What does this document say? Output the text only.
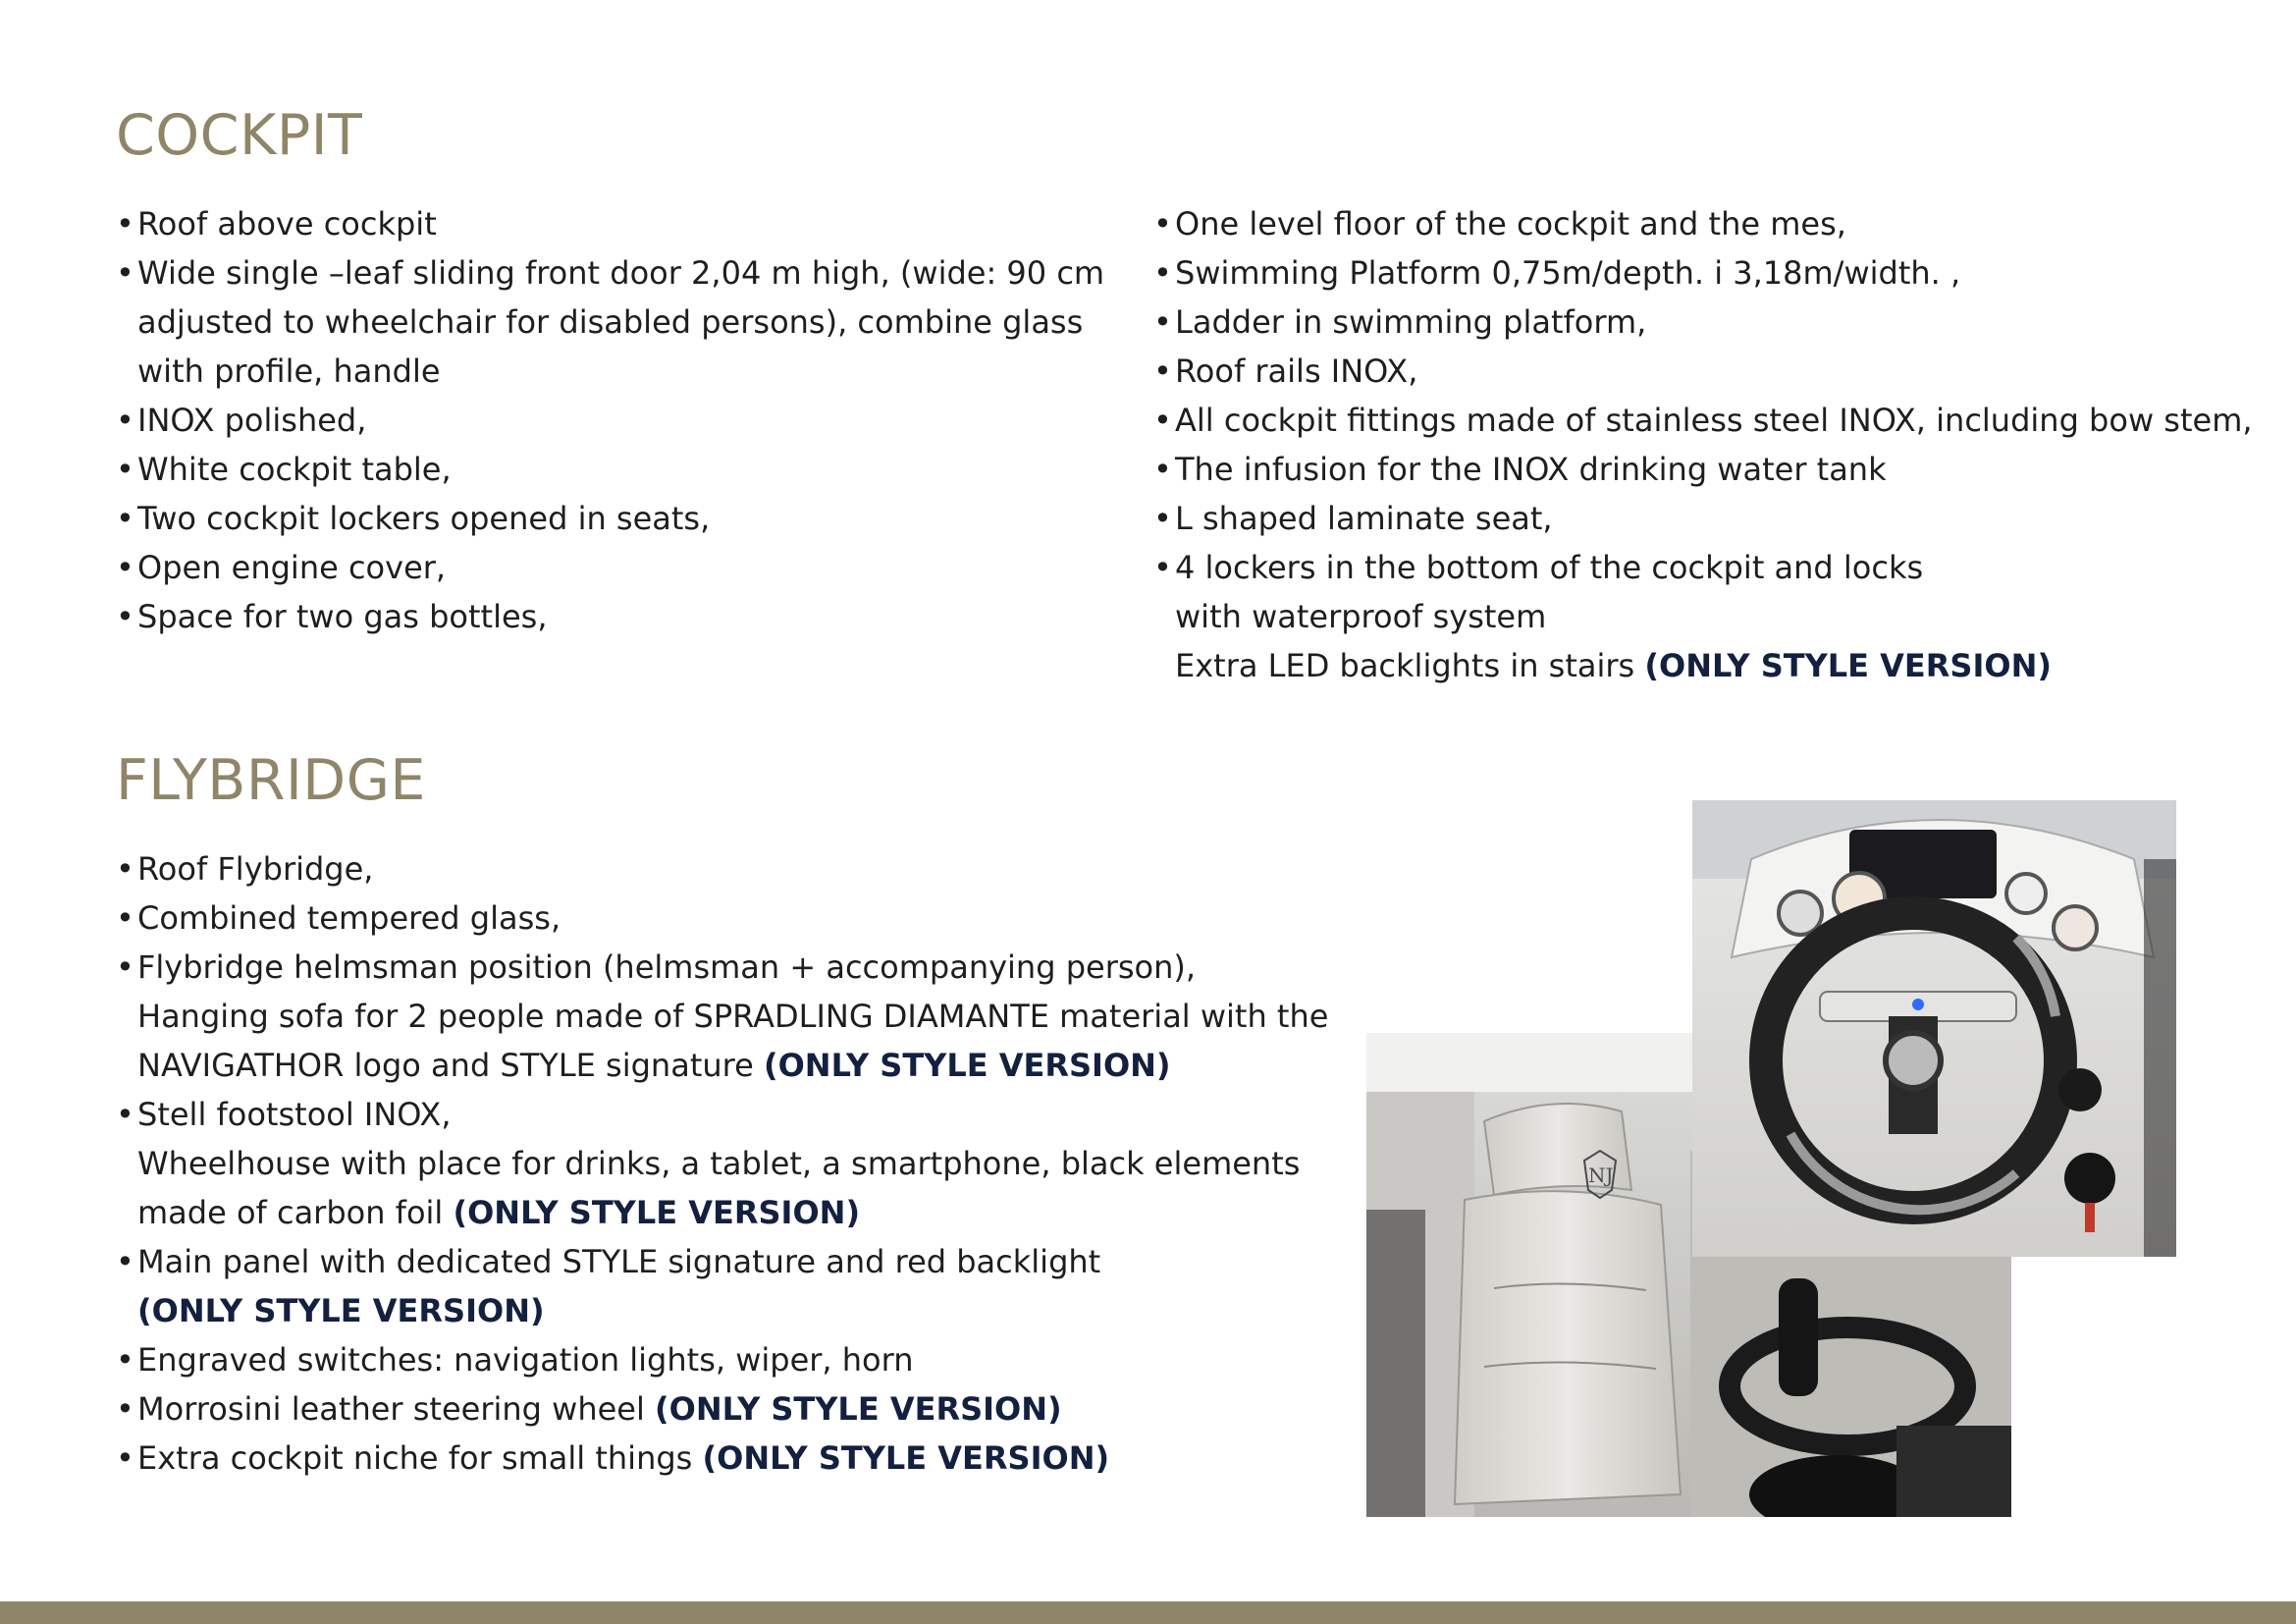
COCKPIT
• Roof above cockpit
• Wide single –leaf sliding front door 2,04 m high, (wide: 90 cm
adjusted to wheelchair for disabled persons), combine glass
with profile, handle
• INOX polished,
• White cockpit table,
• Two cockpit lockers opened in seats,
• Open engine cover,
• Space for two gas bottles,
• One level floor of the cockpit and the mes,
• Swimming Platform 0,75m/depth. i 3,18m/width. ,
• Ladder in swimming platform,
• Roof rails INOX,
• All cockpit fittings made of stainless steel INOX, including bow stem,
• The infusion for the INOX drinking water tank
• L shaped laminate seat,
• 4 lockers in the bottom of the cockpit and locks
with waterproof system
Extra LED backlights in stairs (ONLY STYLE VERSION)
FLYBRIDGE
• Roof Flybridge,
• Combined tempered glass,
• Flybridge helmsman position (helmsman + accompanying person),
Hanging sofa for 2 people made of SPRADLING DIAMANTE material with the
NAVIGATHOR logo and STYLE signature (ONLY STYLE VERSION)
• Stell footstool INOX,
Wheelhouse with place for drinks, a tablet, a smartphone, black elements
made of carbon foil (ONLY STYLE VERSION)
• Main panel with dedicated STYLE signature and red backlight
(ONLY STYLE VERSION)
• Engraved switches: navigation lights, wiper, horn
• Morrosini leather steering wheel (ONLY STYLE VERSION)
• Extra cockpit niche for small things (ONLY STYLE VERSION)
NJ
